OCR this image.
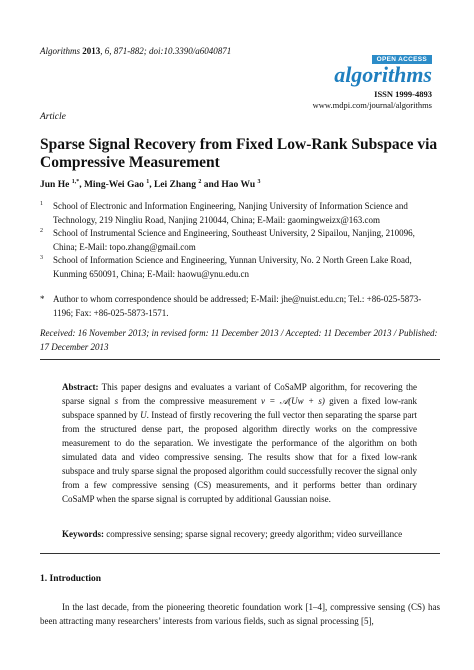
Algorithms 2013, 6, 871-882; doi:10.3390/a6040871
OPEN ACCESS
algorithms
ISSN 1999-4893
www.mdpi.com/journal/algorithms
Article
Sparse Signal Recovery from Fixed Low-Rank Subspace via Compressive Measurement
Jun He $^{1,*}$, Ming-Wei Gao $^1$, Lei Zhang $^2$ and Hao Wu $^3$
1 School of Electronic and Information Engineering, Nanjing University of Information Science and Technology, 219 Ningliu Road, Nanjing 210044, China; E-Mail: gaomingweizx@163.com
2 School of Instrumental Science and Engineering, Southeast University, 2 Sipailou, Nanjing, 210096, China; E-Mail: topo.zhang@gmail.com
3 School of Information Science and Engineering, Yunnan University, No. 2 North Green Lake Road, Kunming 650091, China; E-Mail: haowu@ynu.edu.cn
* Author to whom correspondence should be addressed; E-Mail: jhe@nuist.edu.cn; Tel.: +86-025-5873-1196; Fax: +86-025-5873-1571.
Received: 16 November 2013; in revised form: 11 December 2013 / Accepted: 11 December 2013 / Published: 17 December 2013
Abstract: This paper designs and evaluates a variant of CoSaMP algorithm, for recovering the sparse signal s from the compressive measurement v = 𝒜(Uw + s) given a fixed low-rank subspace spanned by U. Instead of firstly recovering the full vector then separating the sparse part from the structured dense part, the proposed algorithm directly works on the compressive measurement to do the separation. We investigate the performance of the algorithm on both simulated data and video compressive sensing. The results show that for a fixed low-rank subspace and truly sparse signal the proposed algorithm could successfully recover the signal only from a few compressive sensing (CS) measurements, and it performs better than ordinary CoSaMP when the sparse signal is corrupted by additional Gaussian noise.
Keywords: compressive sensing; sparse signal recovery; greedy algorithm; video surveillance
1. Introduction
In the last decade, from the pioneering theoretic foundation work [1–4], compressive sensing (CS) has been attracting many researchers’ interests from various fields, such as signal processing [5],
